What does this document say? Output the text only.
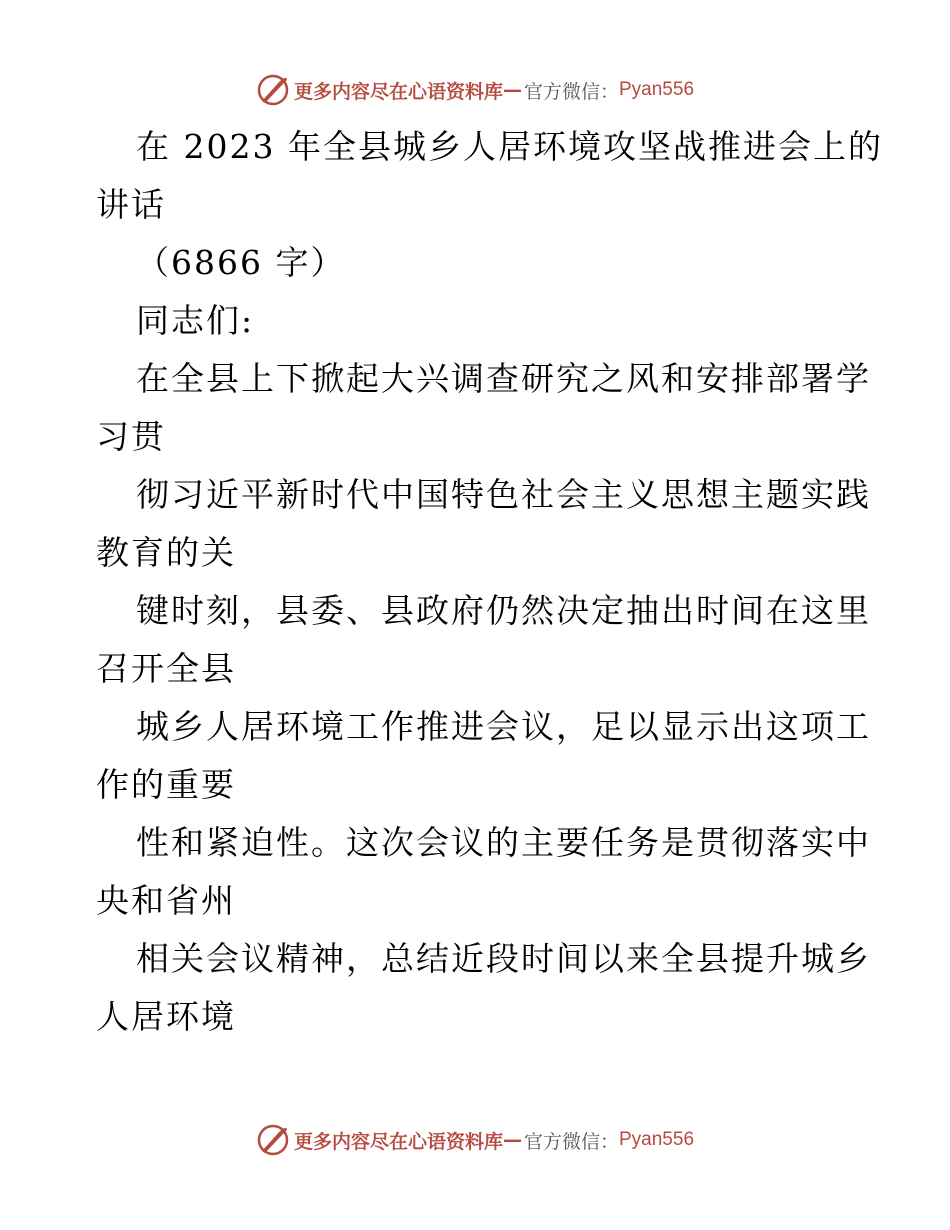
更多内容尽在心语资料库 — 官方微信： Pyan556
在 2023 年全县城乡人居环境攻坚战推进会上的
讲话
（6866 字）
同志们:
在全县上下掀起大兴调查研究之风和安排部署学
习贯
彻习近平新时代中国特色社会主义思想主题实践
教育的关
键时刻，县委、县政府仍然决定抽出时间在这里
召开全县
城乡人居环境工作推进会议，足以显示出这项工
作的重要
性和紧迫性。这次会议的主要任务是贯彻落实中
央和省州
相关会议精神，总结近段时间以来全县提升城乡
人居环境
更多内容尽在心语资料库 — 官方微信： Pyan556
